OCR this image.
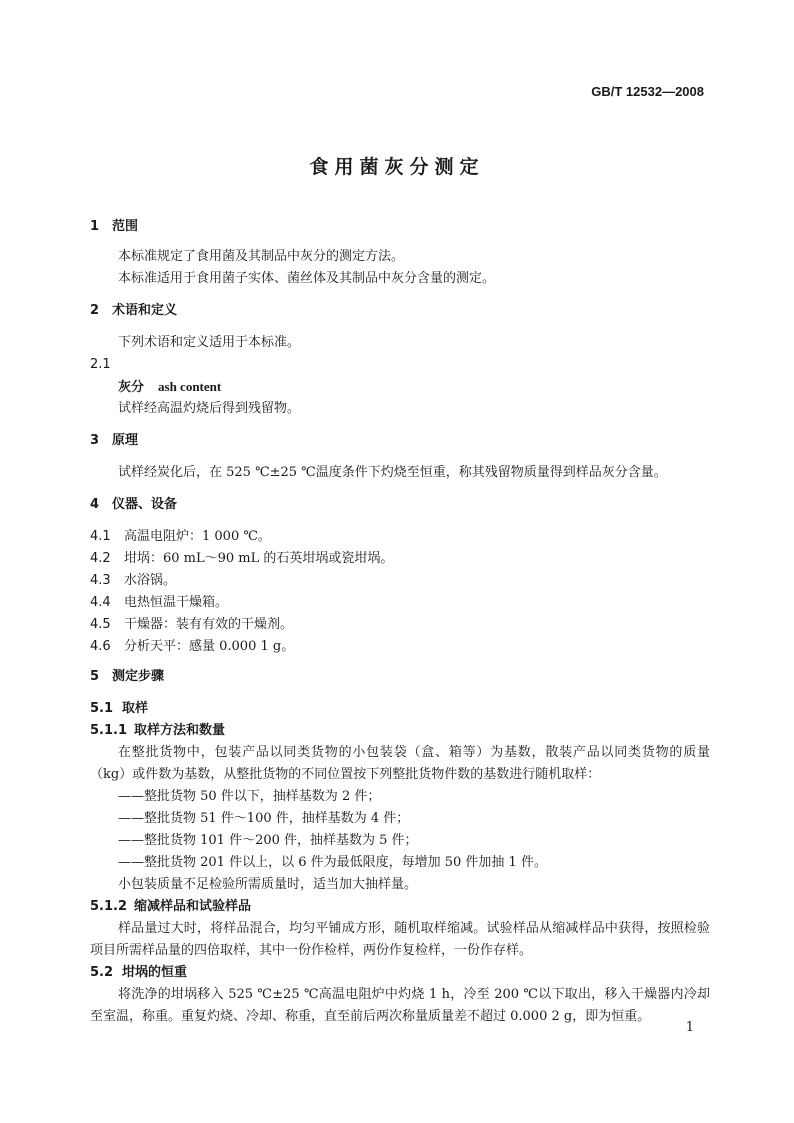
GB/T 12532—2008
食用菌灰分测定
1 范围
本标准规定了食用菌及其制品中灰分的测定方法。
本标准适用于食用菌子实体、菌丝体及其制品中灰分含量的测定。
2 术语和定义
下列术语和定义适用于本标准。
2.1
灰分 ash content
试样经高温灼烧后得到残留物。
3 原理
试样经炭化后，在 525 ℃±25 ℃温度条件下灼烧至恒重，称其残留物质量得到样品灰分含量。
4 仪器、设备
4.1 高温电阻炉：1 000 ℃。
4.2 坩埚：60 mL～90 mL 的石英坩埚或瓷坩埚。
4.3 水浴锅。
4.4 电热恒温干燥箱。
4.5 干燥器：装有有效的干燥剂。
4.6 分析天平：感量 0.000 1 g。
5 测定步骤
5.1 取样
5.1.1 取样方法和数量
在整批货物中，包装产品以同类货物的小包装袋（盒、箱等）为基数，散装产品以同类货物的质量（kg）或件数为基数，从整批货物的不同位置按下列整批货物件数的基数进行随机取样：
——整批货物 50 件以下，抽样基数为 2 件；
——整批货物 51 件～100 件，抽样基数为 4 件；
——整批货物 101 件～200 件，抽样基数为 5 件；
——整批货物 201 件以上，以 6 件为最低限度，每增加 50 件加抽 1 件。
小包装质量不足检验所需质量时，适当加大抽样量。
5.1.2 缩减样品和试验样品
样品量过大时，将样品混合，均匀平铺成方形，随机取样缩减。试验样品从缩减样品中获得，按照检验项目所需样品量的四倍取样，其中一份作检样，两份作复检样，一份作存样。
5.2 坩埚的恒重
将洗净的坩埚移入 525 ℃±25 ℃高温电阻炉中灼烧 1 h，冷至 200 ℃以下取出，移入干燥器内冷却至室温，称重。重复灼烧、冷却、称重，直至前后两次称量质量差不超过 0.000 2 g，即为恒重。
1
